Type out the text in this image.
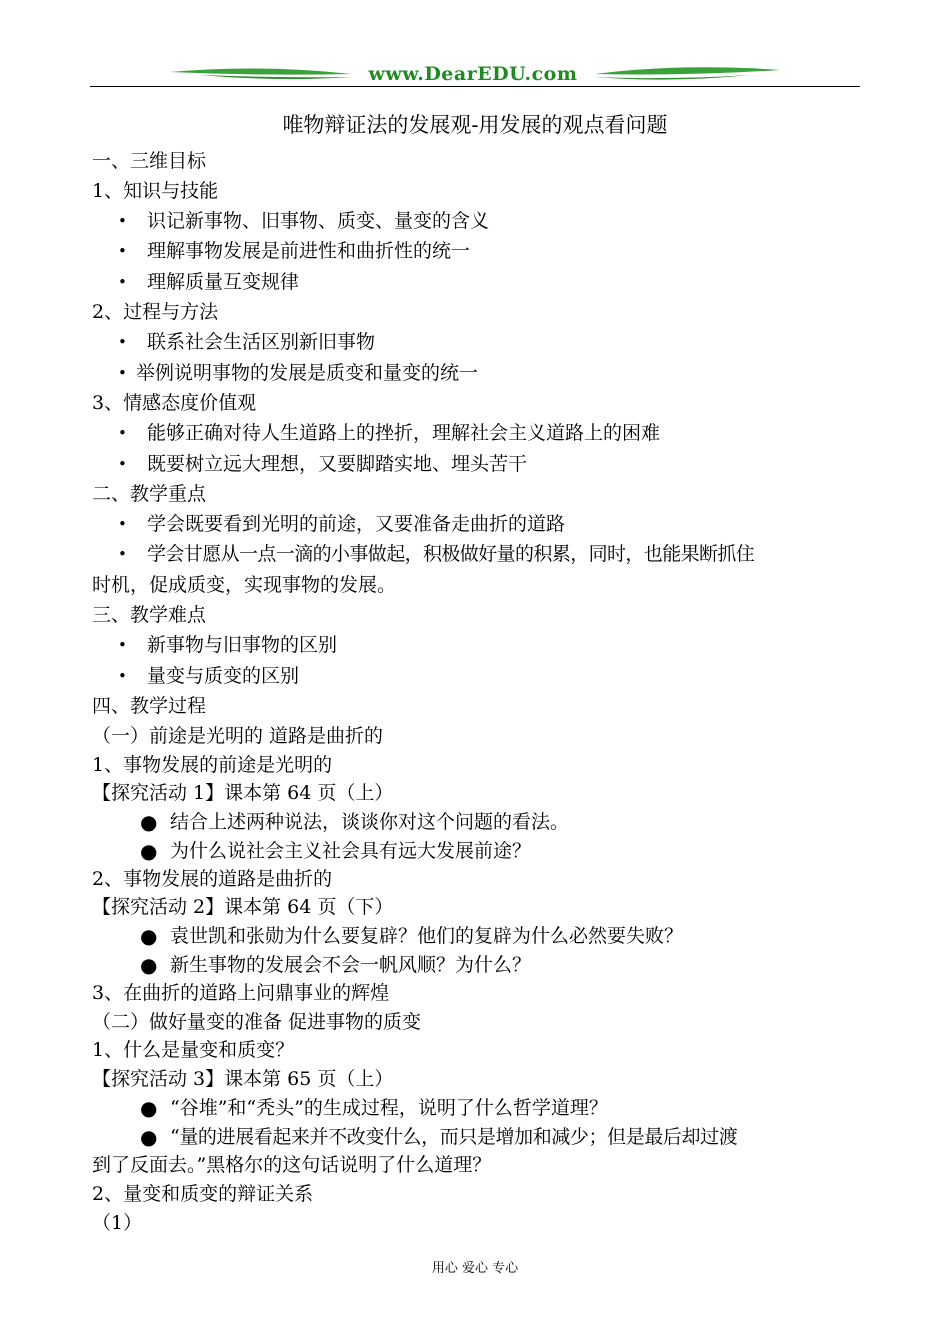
www.DearEDU.com
唯物辩证法的发展观-用发展的观点看问题
一、三维目标
1、知识与技能
• 识记新事物、旧事物、质变、量变的含义
• 理解事物发展是前进性和曲折性的统一
• 理解质量互变规律
2、过程与方法
• 联系社会生活区别新旧事物
• 举例说明事物的发展是质变和量变的统一
3、情感态度价值观
• 能够正确对待人生道路上的挫折，理解社会主义道路上的困难
• 既要树立远大理想，又要脚踏实地、埋头苦干
二、教学重点
• 学会既要看到光明的前途，又要准备走曲折的道路
• 学会甘愿从一点一滴的小事做起，积极做好量的积累，同时，也能果断抓住
时机，促成质变，实现事物的发展。
三、教学难点
• 新事物与旧事物的区别
• 量变与质变的区别
四、教学过程
（一）前途是光明的 道路是曲折的
1、事物发展的前途是光明的
【探究活动 1】课本第 64 页（上）
● 结合上述两种说法，谈谈你对这个问题的看法。
● 为什么说社会主义社会具有远大发展前途？
2、事物发展的道路是曲折的
【探究活动 2】课本第 64 页（下）
● 袁世凯和张勋为什么要复辟？他们的复辟为什么必然要失败？
● 新生事物的发展会不会一帆风顺？为什么？
3、在曲折的道路上问鼎事业的辉煌
（二）做好量变的准备 促进事物的质变
1、什么是量变和质变？
【探究活动 3】课本第 65 页（上）
● “谷堆”和“秃头”的生成过程，说明了什么哲学道理？
● “量的进展看起来并不改变什么，而只是增加和减少；但是最后却过渡
到了反面去。”黑格尔的这句话说明了什么道理？
2、量变和质变的辩证关系
（1）
用心 爱心 专心
